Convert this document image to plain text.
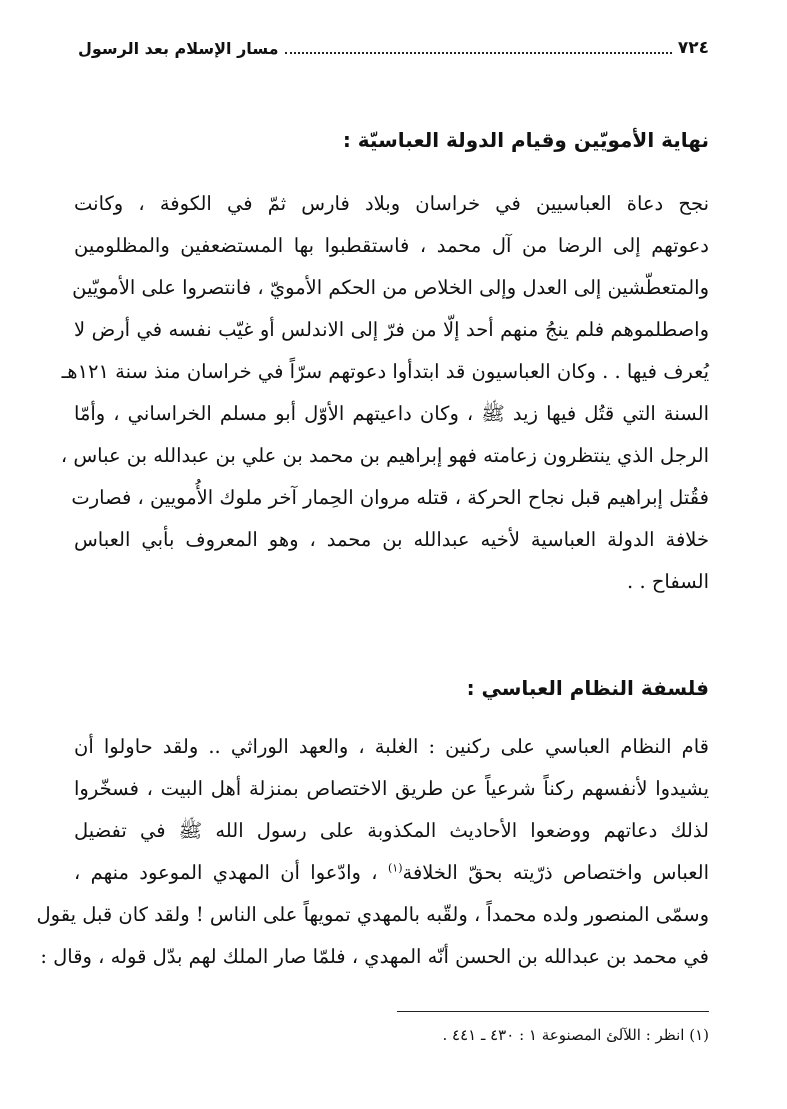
٧٢٤
مسار الإسلام بعد الرسول
نهاية الأمويّين وقيام الدولة العباسيّة :
نجح دعاة العباسيين في خراسان وبلاد فارس ثمّ في الكوفة ، وكانت
دعوتهم إلى الرضا من آل محمد ، فاستقطبوا بها المستضعفين والمظلومين
والمتعطّشين إلى العدل وإلى الخلاص من الحكم الأمويّ ، فانتصروا على الأمويّين
واصطلموهم فلم ينجُ منهم أحد إلّا من فرّ إلى الاندلس أو غيّب نفسه في أرض لا
يُعرف فيها . . وكان العباسيون قد ابتدأوا دعوتهم سرّاً في خراسان منذ سنة ١٢١هـ
السنة التي قتُل فيها زيد ﷺ ، وكان داعيتهم الأوّل أبو مسلم الخراساني ، وأمّا
الرجل الذي ينتظرون زعامته فهو إبراهيم بن محمد بن علي بن عبدالله بن عباس ،
فقُتل إبراهيم قبل نجاح الحركة ، قتله مروان الحِمار آخر ملوك الأُمويين ، فصارت
خلافة الدولة العباسية لأخيه عبدالله بن محمد ، وهو المعروف بأبي العباس
السفاح . .
فلسفة النظام العباسي :
قام النظام العباسي على ركنين : الغلبة ، والعهد الوراثي .. ولقد حاولوا أن
يشيدوا لأنفسهم ركناً شرعياً عن طريق الاختصاص بمنزلة أهل البيت ، فسخّروا
لذلك دعاتهم ووضعوا الأحاديث المكذوبة على رسول الله ﷺ في تفضيل
العباس واختصاص ذرّيته بحقّ الخلافة$^{(١)}$ ، وادّعوا أن المهدي الموعود منهم ،
وسمّى المنصور ولده محمداً ، ولقّبه بالمهدي تمويهاً على الناس ! ولقد كان قبل يقول
في محمد بن عبدالله بن الحسن أنّه المهدي ، فلمّا صار الملك لهم بدّل قوله ، وقال :
(١) انظر : اللآلئ المصنوعة ١ : ٤٣٠ ـ ٤٤١ .
